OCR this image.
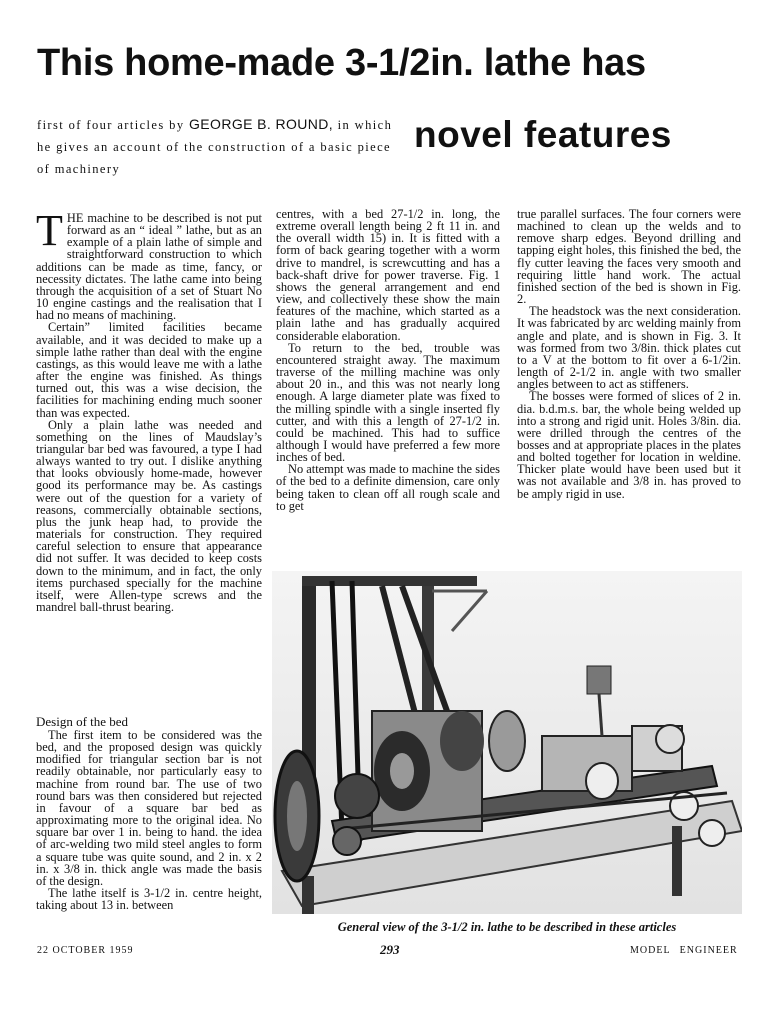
This home-made 3-1/2in. lathe has
first of four articles by GEORGE B. ROUND, in which he gives an account of the construction of a basic piece of machinery
novel features

THE machine to be described is not put forward as an “ ideal ” lathe, but as an example of a plain lathe of simple and straightforward construction to which additions can be made as time, fancy, or necessity dictates. The lathe came into being through the acquisition of a set of Stuart No 10 engine castings and the realisation that I had no means of machining.

Certain” limited facilities became available, and it was decided to make up a simple lathe rather than deal with the engine castings, as this would leave me with a lathe after the engine was finished. As things turned out, this was a wise decision, the facilities for machining ending much sooner than was expected.

Only a plain lathe was needed and something on the lines of Maudslay’s triangular bar bed was favoured, a type I had always wanted to try out. I dislike anything that looks obviously home-made, however good its performance may be. As castings were out of the question for a variety of reasons, commercially obtainable sections, plus the junk heap had, to provide the materials for construction. They required careful selection to ensure that appearance did not suffer. It was decided to keep costs down to the minimum, and in fact, the only items purchased specially for the machine itself, were Allen-type screws and the mandrel ball-thrust bearing.

Design of the bed

The first item to be considered was the bed, and the proposed design was quickly modified for triangular section bar is not readily obtainable, nor particularly easy to machine from round bar. The use of two round bars was then considered but rejected in favour of a square bar bed as approximating more to the original idea. No square bar over 1 in. being to hand. the idea of arc-welding two mild steel angles to form a square tube was quite sound, and 2 in. x 2 in. x 3/8 in. thick angle was made the basis of the design.

The lathe itself is 3-1/2 in. centre height, taking about 13 in. between

centres, with a bed 27-1/2 in. long, the extreme overall length being 2 ft 11 in. and the overall width 15) in. It is fitted with a form of back gearing together with a worm drive to mandrel, is screwcutting and has a back-shaft drive for power traverse. Fig. 1 shows the general arrangement and end view, and collectively these show the main features of the machine, which started as a plain lathe and has gradually acquired considerable elaboration.

To return to the bed, trouble was encountered straight away. The maximum traverse of the milling machine was only about 20 in., and this was not nearly long enough. A large diameter plate was fixed to the milling spindle with a single inserted fly cutter, and with this a length of 27-1/2 in. could be machined. This had to suffice although I would have preferred a few more inches of bed.

No attempt was made to machine the sides of the bed to a definite dimension, care only being taken to clean off all rough scale and to get

true parallel surfaces. The four corners were machined to clean up the welds and to remove sharp edges. Beyond drilling and tapping eight holes, this finished the bed, the fly cutter leaving the faces very smooth and requiring little hand work. The actual finished section of the bed is shown in Fig. 2.

The headstock was the next consideration. It was fabricated by arc welding mainly from angle and plate, and is shown in Fig. 3. It was formed from two 3/8in. thick plates cut to a V at the bottom to fit over a 6-1/2in. length of 2-1/2 in. angle with two smaller angles between to act as stiffeners.

The bosses were formed of slices of 2 in. dia. b.d.m.s. bar, the whole being welded up into a strong and rigid unit. Holes 3/8in. dia. were drilled through the centres of the bosses and at appropriate places in the plates and bolted together for location in weldine. Thicker plate would have been used but it was not available and 3/8 in. has proved to be amply rigid in use.

General view of the 3-1/2 in. lathe to be described in these articles
22 OCTOBER 1959	293	MODEL ENGINEER
